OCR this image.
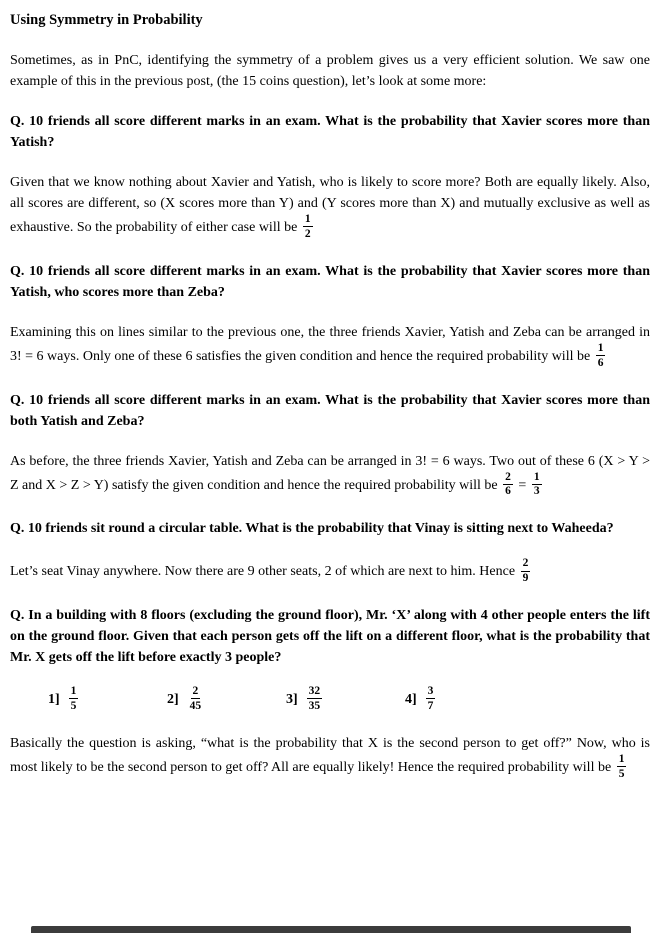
Using Symmetry in Probability

Sometimes, as in PnC, identifying the symmetry of a problem gives us a very efficient solution. We saw one example of this in the previous post, (the 15 coins question), let’s look at some more:

Q. 10 friends all score different marks in an exam. What is the probability that Xavier scores more than Yatish?

Given that we know nothing about Xavier and Yatish, who is likely to score more? Both are equally likely. Also, all scores are different, so (X scores more than Y) and (Y scores more than X) and mutually exclusive as well as exhaustive. So the probability of either case will be $\frac{1}{2}$

Q. 10 friends all score different marks in an exam. What is the probability that Xavier scores more than Yatish, who scores more than Zeba?

Examining this on lines similar to the previous one, the three friends Xavier, Yatish and Zeba can be arranged in 3! = 6 ways. Only one of these 6 satisfies the given condition and hence the required probability will be $\frac{1}{6}$

Q. 10 friends all score different marks in an exam. What is the probability that Xavier scores more than both Yatish and Zeba?

As before, the three friends Xavier, Yatish and Zeba can be arranged in 3! = 6 ways. Two out of these 6 (X > Y > Z and X > Z > Y) satisfy the given condition and hence the required probability will be $\frac{2}{6} = \frac{1}{3}$

Q. 10 friends sit round a circular table. What is the probability that Vinay is sitting next to Waheeda?

Let’s seat Vinay anywhere. Now there are 9 other seats, 2 of which are next to him. Hence $\frac{2}{9}$

Q. In a building with 8 floors (excluding the ground floor), Mr. ‘X’ along with 4 other people enters the lift on the ground floor. Given that each person gets off the lift on a different floor, what is the probability that Mr. X gets off the lift before exactly 3 people?

$1] \frac{1}{5}$	$2] \frac{2}{45}$	$3] \frac{32}{35}$	$4] \frac{3}{7}$

Basically the question is asking, “what is the probability that X is the second person to get off?” Now, who is most likely to be the second person to get off? All are equally likely! Hence the required probability will be $\frac{1}{5}$
